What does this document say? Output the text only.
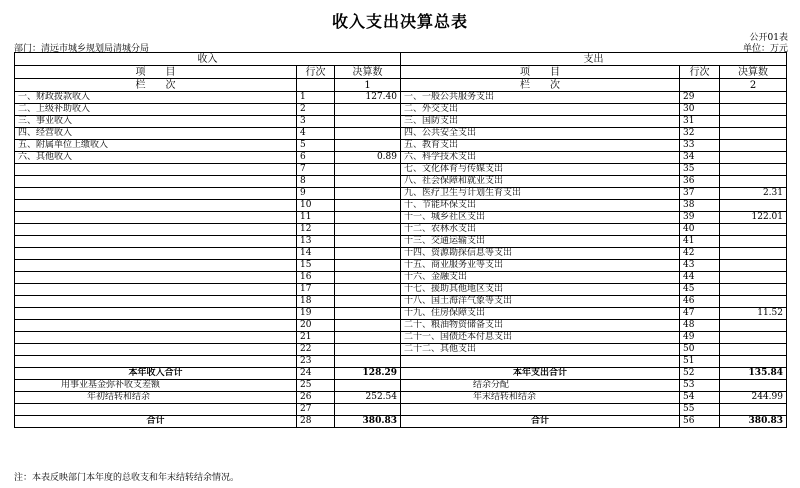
收入支出决算总表
公开01表
部门：清远市城乡规划局清城分局	单位：万元
收入			支出		
项　　目	行次	决算数	项　　目	行次	决算数
栏　　次		1	栏　　次		2
一、财政拨款收入	1	127.40	一、一般公共服务支出	29	
二、上级补助收入	2		二、外交支出	30	
三、事业收入	3		三、国防支出	31	
四、经营收入	4		四、公共安全支出	32	
五、附属单位上缴收入	5		五、教育支出	33	
六、其他收入	6	0.89	六、科学技术支出	34	
	7		七、文化体育与传媒支出	35	
	8		八、社会保障和就业支出	36	
	9		九、医疗卫生与计划生育支出	37	2.31
	10		十、节能环保支出	38	
	11		十一、城乡社区支出	39	122.01
	12		十二、农林水支出	40	
	13		十三、交通运输支出	41	
	14		十四、资源勘探信息等支出	42	
	15		十五、商业服务业等支出	43	
	16		十六、金融支出	44	
	17		十七、援助其他地区支出	45	
	18		十八、国土海洋气象等支出	46	
	19		十九、住房保障支出	47	11.52
	20		二十、粮油物资储备支出	48	
	21		二十一、国债还本付息支出	49	
	22		二十二、其他支出	50	
	23			51	
本年收入合计	24	128.29	本年支出合计	52	135.84
用事业基金弥补收支差额	25		结余分配	53	
年初结转和结余	26	252.54	年末结转和结余	54	244.99
	27			55	
合计	28	380.83	合计	56	380.83
注：本表反映部门本年度的总收支和年末结转结余情况。
